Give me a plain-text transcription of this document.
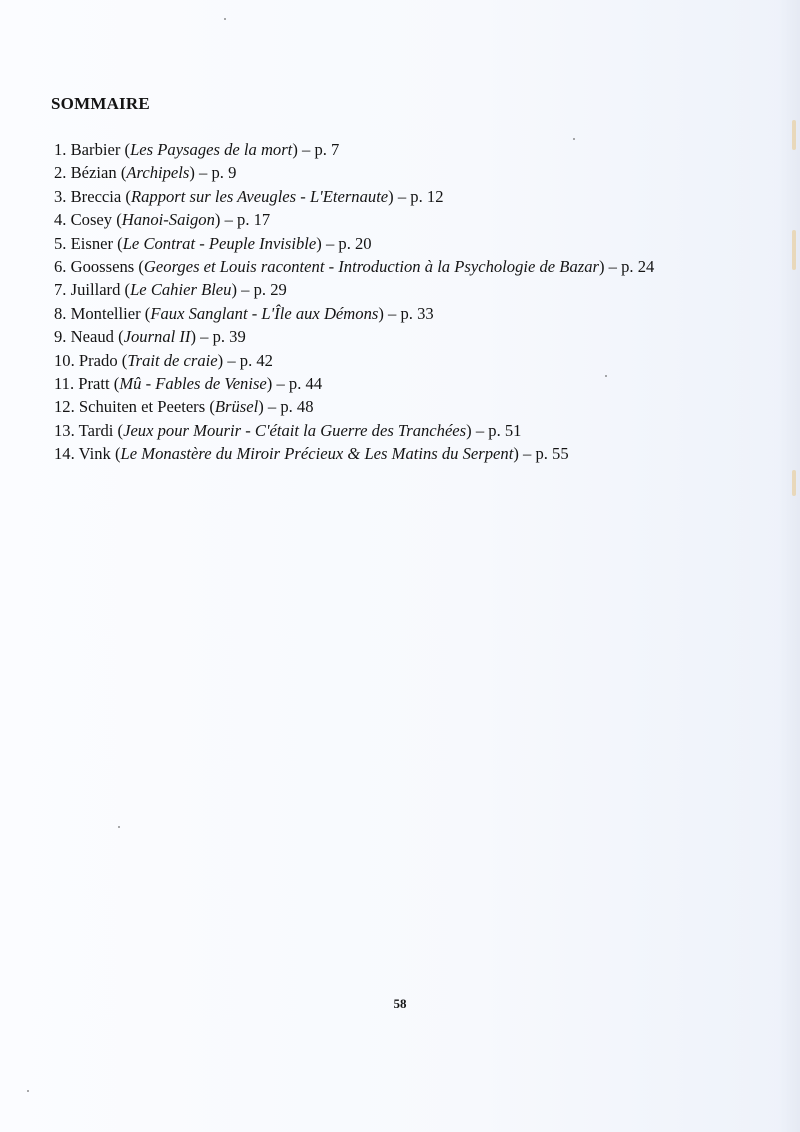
SOMMAIRE
1. Barbier (Les Paysages de la mort) – p. 7
2. Bézian (Archipels) – p. 9
3. Breccia (Rapport sur les Aveugles - L'Eternaute) – p. 12
4. Cosey (Hanoi-Saigon) – p. 17
5. Eisner (Le Contrat - Peuple Invisible) – p. 20
6. Goossens (Georges et Louis racontent - Introduction à la Psychologie de Bazar) – p. 24
7. Juillard (Le Cahier Bleu) – p. 29
8. Montellier (Faux Sanglant - L'Île aux Démons) – p. 33
9. Neaud (Journal II) – p. 39
10. Prado (Trait de craie) – p. 42
11. Pratt (Mû - Fables de Venise) – p. 44
12. Schuiten et Peeters (Brüsel) – p. 48
13. Tardi (Jeux pour Mourir - C'était la Guerre des Tranchées) – p. 51
14. Vink (Le Monastère du Miroir Précieux & Les Matins du Serpent) – p. 55
58
